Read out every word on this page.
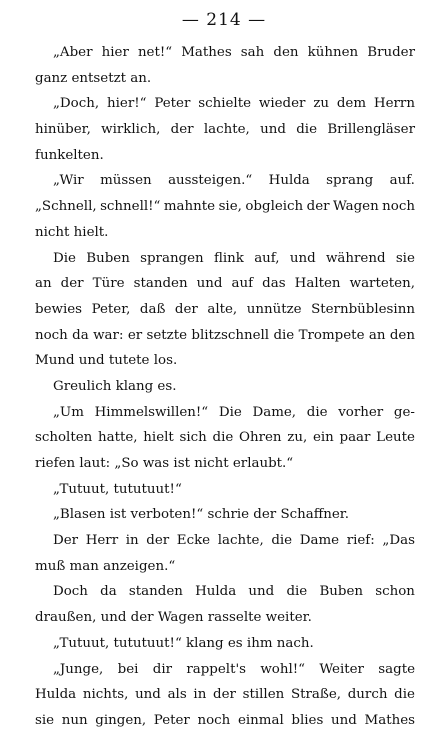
— 214 —
„Aber hier net!“ Mathes sah den kühnen Bruder
ganz entsetzt an.
„Doch, hier!“ Peter schielte wieder zu dem Herrn
hinüber, wirklich, der lachte, und die Brillengläser
funkelten.
„Wir müssen aussteigen.“ Hulda sprang auf.
„Schnell, schnell!“ mahnte sie, obgleich der Wagen noch
nicht hielt.
Die Buben sprangen flink auf, und während sie
an der Türe standen und auf das Halten warteten,
bewies Peter, daß der alte, unnütze Sternbüblesinn
noch da war: er setzte blitzschnell die Trompete an den
Mund und tutete los.
Greulich klang es.
„Um Himmelswillen!“ Die Dame, die vorher ge-
scholten hatte, hielt sich die Ohren zu, ein paar Leute
riefen laut: „So was ist nicht erlaubt.“
„Tutuut, tututuut!“
„Blasen ist verboten!“ schrie der Schaffner.
Der Herr in der Ecke lachte, die Dame rief: „Das
muß man anzeigen.“
Doch da standen Hulda und die Buben schon
draußen, und der Wagen rasselte weiter.
„Tutuut, tututuut!“ klang es ihm nach.
„Junge, bei dir rappelt's wohl!“ Weiter sagte
Hulda nichts, und als in der stillen Straße, durch die
sie nun gingen, Peter noch einmal blies und Mathes
